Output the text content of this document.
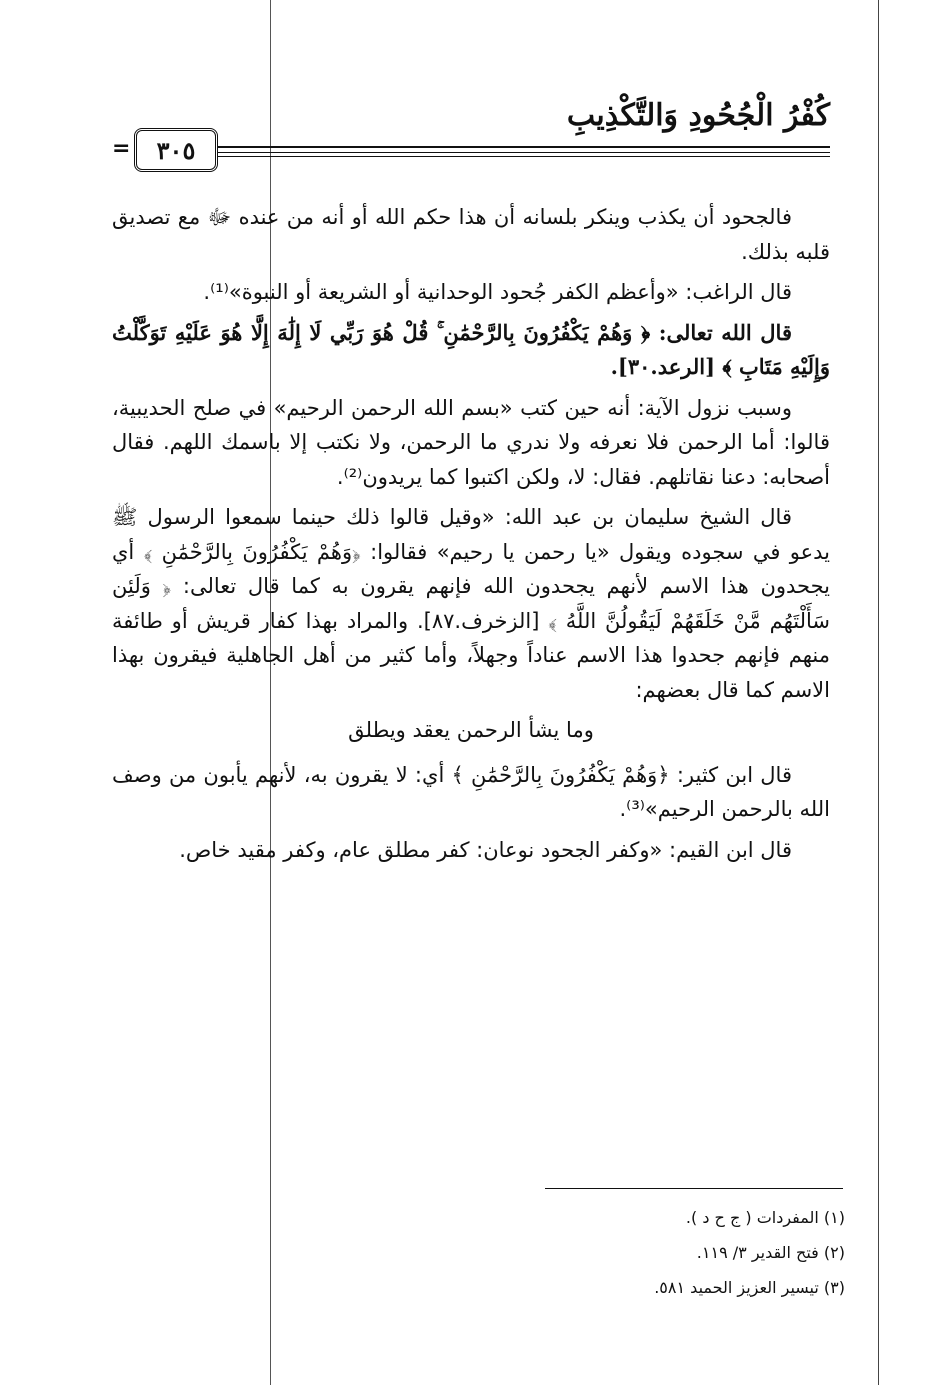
كُفْرُ الْجُحُودِ وَالتَّكْذِيبِ
٣٠٥
=

فالجحود أن يكذب وينكر بلسانه أن هذا حكم الله أو أنه من عنده ﷻ مع تصديق قلبه بذلك.

قال الراغب: «وأعظم الكفر جُحود الوحدانية أو الشريعة أو النبوة»⁽¹⁾.

قال الله تعالى: ﴿ وَهُمْ يَكْفُرُونَ بِالرَّحْمَٰنِ ۚ قُلْ هُوَ رَبِّي لَا إِلَٰهَ إِلَّا هُوَ عَلَيْهِ تَوَكَّلْتُ وَإِلَيْهِ مَتَابِ ﴾ [الرعد.٣٠].

وسبب نزول الآية: أنه حين كتب «بسم الله الرحمن الرحيم» في صلح الحديبية، قالوا: أما الرحمن فلا نعرفه ولا ندري ما الرحمن، ولا نكتب إلا باسمك اللهم. فقال أصحابه: دعنا نقاتلهم. فقال: لا، ولكن اكتبوا كما يريدون⁽²⁾.

قال الشيخ سليمان بن عبد الله: «وقيل قالوا ذلك حينما سمعوا الرسول ﷺ يدعو في سجوده ويقول «يا رحمن يا رحيم» فقالوا: ﴿وَهُمْ يَكْفُرُونَ بِالرَّحْمَٰنِ ﴾ أي يجحدون هذا الاسم لأنهم يجحدون الله فإنهم يقرون به كما قال تعالى: ﴿ وَلَئِن سَأَلْتَهُم مَّنْ خَلَقَهُمْ لَيَقُولُنَّ اللَّهُ ﴾ [الزخرف.٨٧]. والمراد بهذا كفار قريش أو طائفة منهم فإنهم جحدوا هذا الاسم عناداً وجهلاً، وأما كثير من أهل الجاهلية فيقرون بهذا الاسم كما قال بعضهم:

وما يشأ الرحمن يعقد ويطلق

قال ابن كثير: ﴿وَهُمْ يَكْفُرُونَ بِالرَّحْمَٰنِ ﴾ أي: لا يقرون به، لأنهم يأبون من وصف الله بالرحمن الرحيم»⁽³⁾.

قال ابن القيم: «وكفر الجحود نوعان: كفر مطلق عام، وكفر مقيد خاص.

(١) المفردات ( ج ح د ).

(٢) فتح القدير ٣/ ١١٩.

(٣) تيسير العزيز الحميد ٥٨١.
